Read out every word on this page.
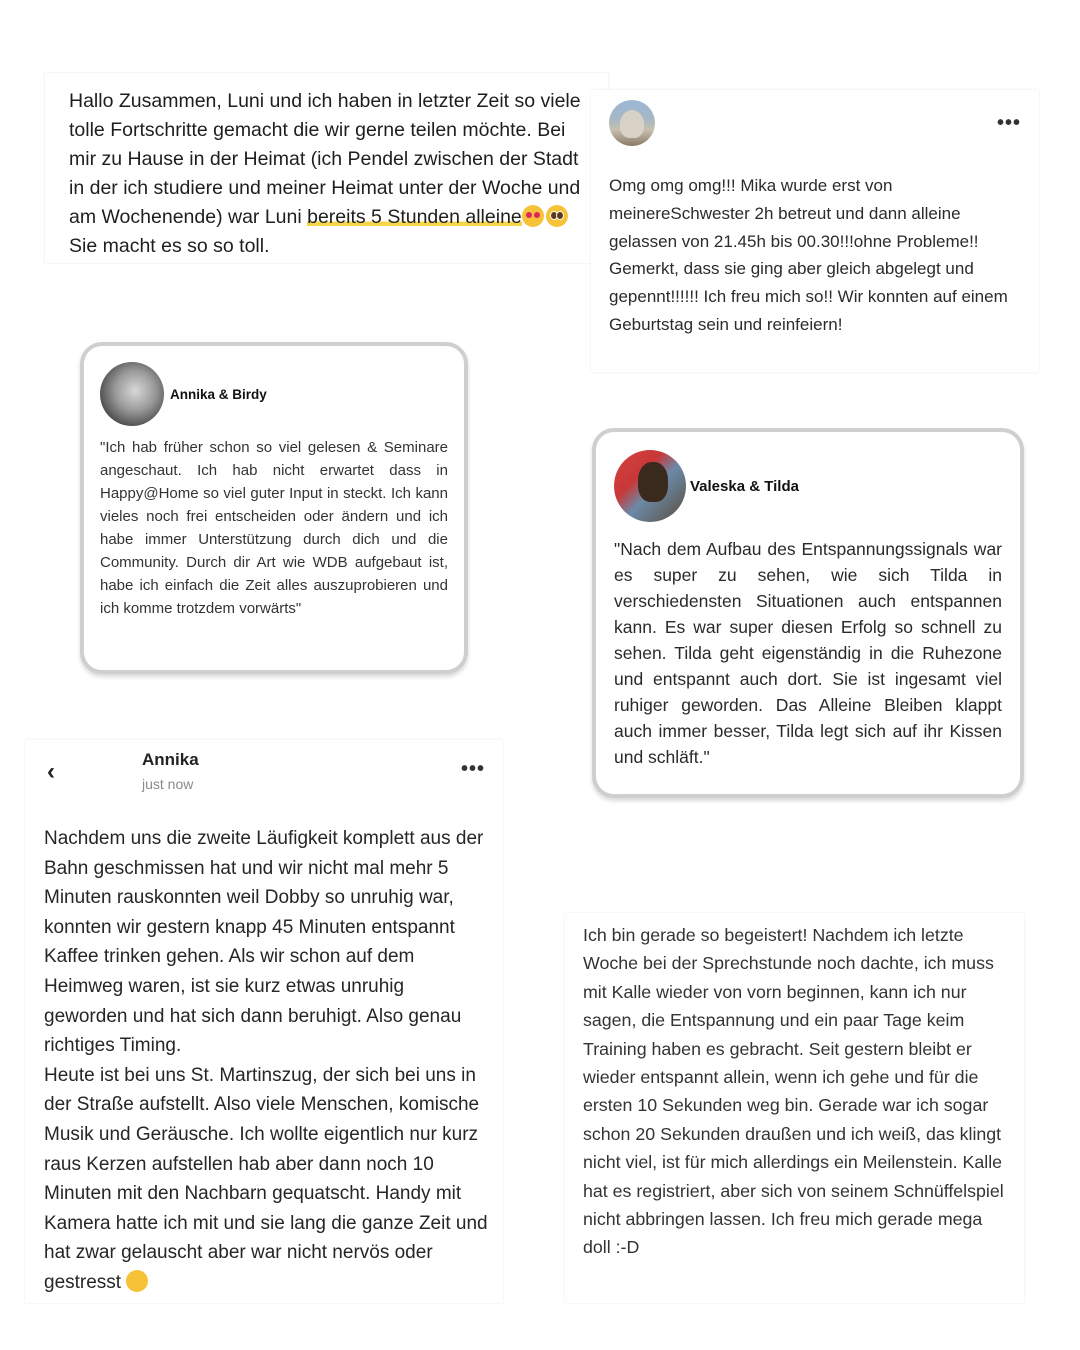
Hallo Zusammen, Luni und ich haben in letzter Zeit so viele tolle Fortschritte gemacht die wir gerne teilen möchte. Bei mir zu Hause in der Heimat (ich Pendel zwischen der Stadt in der ich studiere und meiner Heimat unter der Woche und am Wochenende) war Luni bereits 5 Stunden alleine Sie macht es so so toll.

•••

Omg omg omg!!! Mika wurde erst von meinereSchwester 2h betreut und dann alleine gelassen von 21.45h bis 00.30!!!ohne Probleme!! Gemerkt, dass sie ging aber gleich abgelegt und gepennt!!!!!! Ich freu mich so!! Wir konnten auf einem Geburtstag sein und reinfeiern!

Annika & Birdy

"Ich hab früher schon so viel gelesen & Seminare angeschaut. Ich hab nicht erwartet dass in Happy@Home so viel guter Input in steckt. Ich kann vieles noch frei entscheiden oder ändern und ich habe immer Unterstützung durch dich und die Community. Durch dir Art wie WDB aufgebaut ist, habe ich einfach die Zeit alles auszuprobieren und ich komme trotzdem vorwärts"

Valeska & Tilda

"Nach dem Aufbau des Entspannungssignals war es super zu sehen, wie sich Tilda in verschiedensten Situationen auch entspannen kann. Es war super diesen Erfolg so schnell zu sehen. Tilda geht eigenständig in die Ruhezone und entspannt auch dort. Sie ist ingesamt viel ruhiger geworden. Das Alleine Bleiben klappt auch immer besser, Tilda legt sich auf ihr Kissen und schläft."

‹	Annika
just now
•••

Nachdem uns die zweite Läufigkeit komplett aus der Bahn geschmissen hat und wir nicht mal mehr 5 Minuten rauskonnten weil Dobby so unruhig war, konnten wir gestern knapp 45 Minuten entspannt Kaffee trinken gehen. Als wir schon auf dem Heimweg waren, ist sie kurz etwas unruhig geworden und hat sich dann beruhigt. Also genau richtiges Timing.

Heute ist bei uns St. Martinszug, der sich bei uns in der Straße aufstellt. Also viele Menschen, komische Musik und Geräusche. Ich wollte eigentlich nur kurz raus Kerzen aufstellen hab aber dann noch 10 Minuten mit den Nachbarn gequatscht. Handy mit Kamera hatte ich mit und sie lang die ganze Zeit und hat zwar gelauscht aber war nicht nervös oder gestresst

Ich bin gerade so begeistert! Nachdem ich letzte Woche bei der Sprechstunde noch dachte, ich muss mit Kalle wieder von vorn beginnen, kann ich nur sagen, die Entspannung und ein paar Tage keim Training haben es gebracht. Seit gestern bleibt er wieder entspannt allein, wenn ich gehe und für die ersten 10 Sekunden weg bin. Gerade war ich sogar schon 20 Sekunden draußen und ich weiß, das klingt nicht viel, ist für mich allerdings ein Meilenstein. Kalle hat es registriert, aber sich von seinem Schnüffelspiel nicht abbringen lassen. Ich freu mich gerade mega doll :-D
